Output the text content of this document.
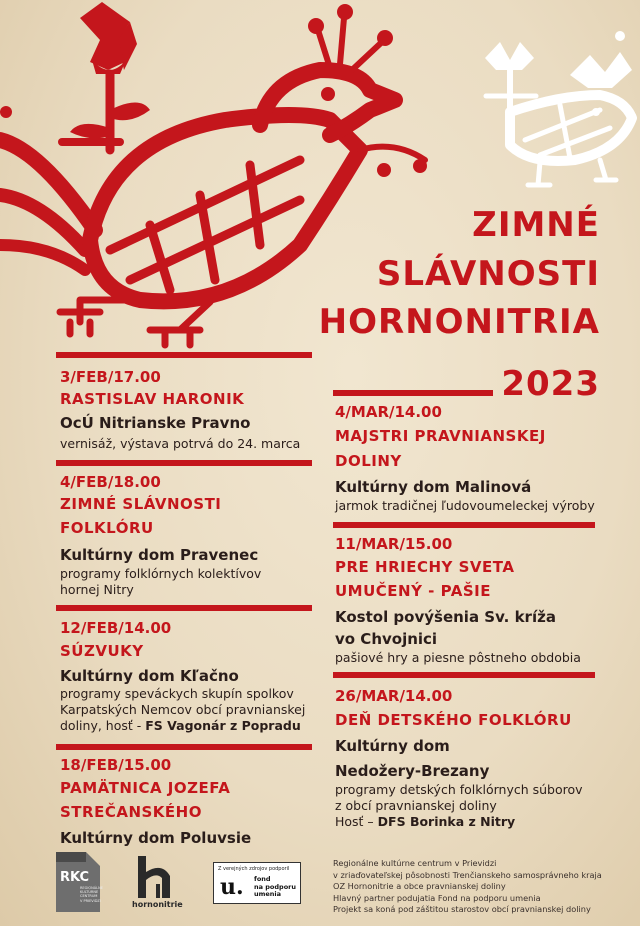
ZIMNÉ
SLÁVNOSTI
HORNONITRIA
2023
3/FEB/17.00
RASTISLAV HARONIK
OcÚ Nitrianske Pravno
vernisáž, výstava potrvá do 24. marca
4/FEB/18.00
ZIMNÉ SLÁVNOSTI
FOLKLÓRU
Kultúrny dom Pravenec
programy folklórnych kolektívov
hornej Nitry
12/FEB/14.00
SÚZVUKY
Kultúrny dom Kľačno
programy speváckych skupín spolkov
Karpatských Nemcov obcí pravnianskej
doliny, hosť - FS Vagonár z Popradu
18/FEB/15.00
PAMÄTNICA JOZEFA
STREČANSKÉHO
Kultúrny dom Poluvsie
4/MAR/14.00
MAJSTRI PRAVNIANSKEJ
DOLINY
Kultúrny dom Malinová
jarmok tradičnej ľudovoumeleckej výroby
11/MAR/15.00
PRE HRIECHY SVETA
UMUČENÝ - PAŠIE
Kostol povýšenia Sv. kríža
vo Chvojnici
pašiové hry a piesne pôstneho obdobia
26/MAR/14.00
DEŇ DETSKÉHO FOLKLÓRU
Kultúrny dom
Nedožery-Brezany
programy detských folklórnych súborov
z obcí pravnianskej doliny
Hosť – DFS Borinka z Nitry
RKC
REGIONÁLNE
KULTÚRNE
CENTRUM
V PRIEVIDZI	hornonitrie
Z verejných zdrojov podporil
u. fond
na podporu
umenia
Regionálne kultúrne centrum v Prievidzi
v zriaďovateľskej pôsobnosti Trenčianskeho samosprávneho kraja
OZ Hornonitrie a obce pravnianskej doliny
Hlavný partner podujatia Fond na podporu umenia
Projekt sa koná pod záštitou starostov obcí pravnianskej doliny
